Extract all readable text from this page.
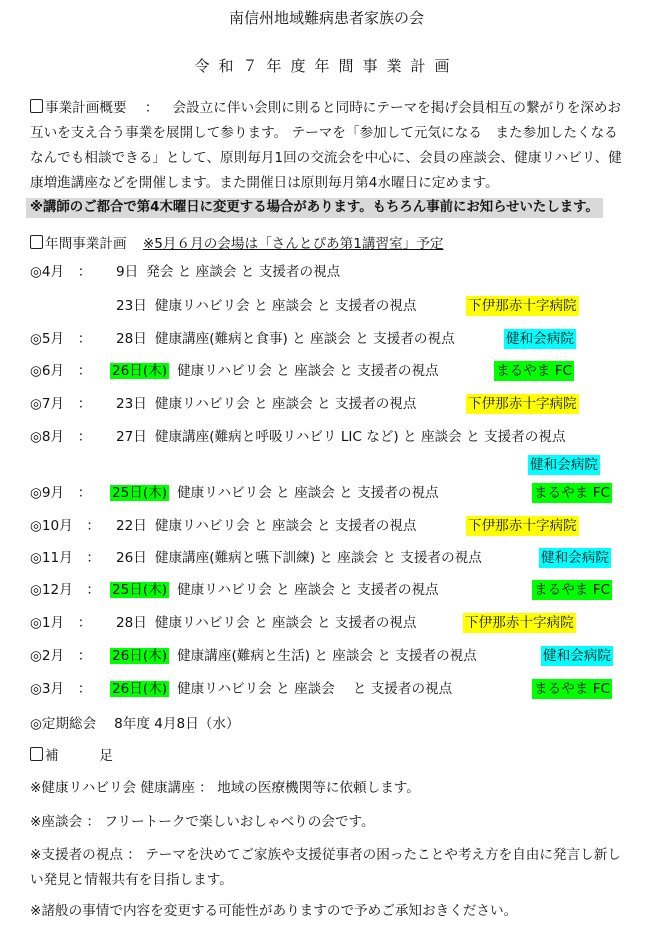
南信州地域難病患者家族の会
令和７年度年間事業計画
事業計画概要 ： 会設立に伴い会則に則ると同時にテーマを掲げ会員相互の繋がりを深めお互いを支え合う事業を展開して参ります。 テーマを「参加して元気になる　また参加したくなる　なんでも相談できる」として、原則毎月1回の交流会を中心に、会員の座談会、健康リハビリ、健康増進講座などを開催します。また開催日は原則毎月第4水曜日に定めます。
※講師のご都合で第4木曜日に変更する場合があります。もちろん事前にお知らせいたします。
年間事業計画 ※5月６月の会場は「さんとぴあ第1講習室」予定
◎4月　： 9日 発会 と 座談会 と 支援者の視点
23日 健康リハビリ会 と 座談会 と 支援者の視点
◎5月　： 28日 健康講座(難病と食事) と 座談会 と 支援者の視点
◎6月　： 26日(木) 健康リハビリ会 と 座談会 と 支援者の視点
◎7月　： 23日 健康リハビリ会 と 座談会 と 支援者の視点
◎8月　： 27日 健康講座(難病と呼吸リハビリ LIC など) と 座談会 と 支援者の視点
◎9月　： 25日(木) 健康リハビリ会 と 座談会 と 支援者の視点
◎10月　： 22日 健康リハビリ会 と 座談会 と 支援者の視点
◎11月　： 26日 健康講座(難病と嚥下訓練) と 座談会 と 支援者の視点
◎12月　： 25日(木) 健康リハビリ会 と 座談会 と 支援者の視点
◎1月　： 28日 健康リハビリ会 と 座談会 と 支援者の視点
◎2月　： 26日(木) 健康講座(難病と生活) と 座談会 と 支援者の視点
◎3月　： 26日(木) 健康リハビリ会 と 座談会　 と 支援者の視点
◎定期総会　 8年度 4月8日（水）
補　　　足
※健康リハビリ会 健康講座 ： 地域の医療機関等に依頼します。
※座談会 ： フリートークで楽しいおしゃべりの会です。
※支援者の視点 ： テーマを決めてご家族や支援従事者の困ったことや考え方を自由に発言し新しい発見と情報共有を目指します。
※諸般の事情で内容を変更する可能性がありますので予めご承知おきください。
下伊那赤十字病院
健和会病院
まるやま FC
下伊那赤十字病院
健和会病院
まるやま FC
下伊那赤十字病院
健和会病院
まるやま FC
下伊那赤十字病院
健和会病院
まるやま FC
